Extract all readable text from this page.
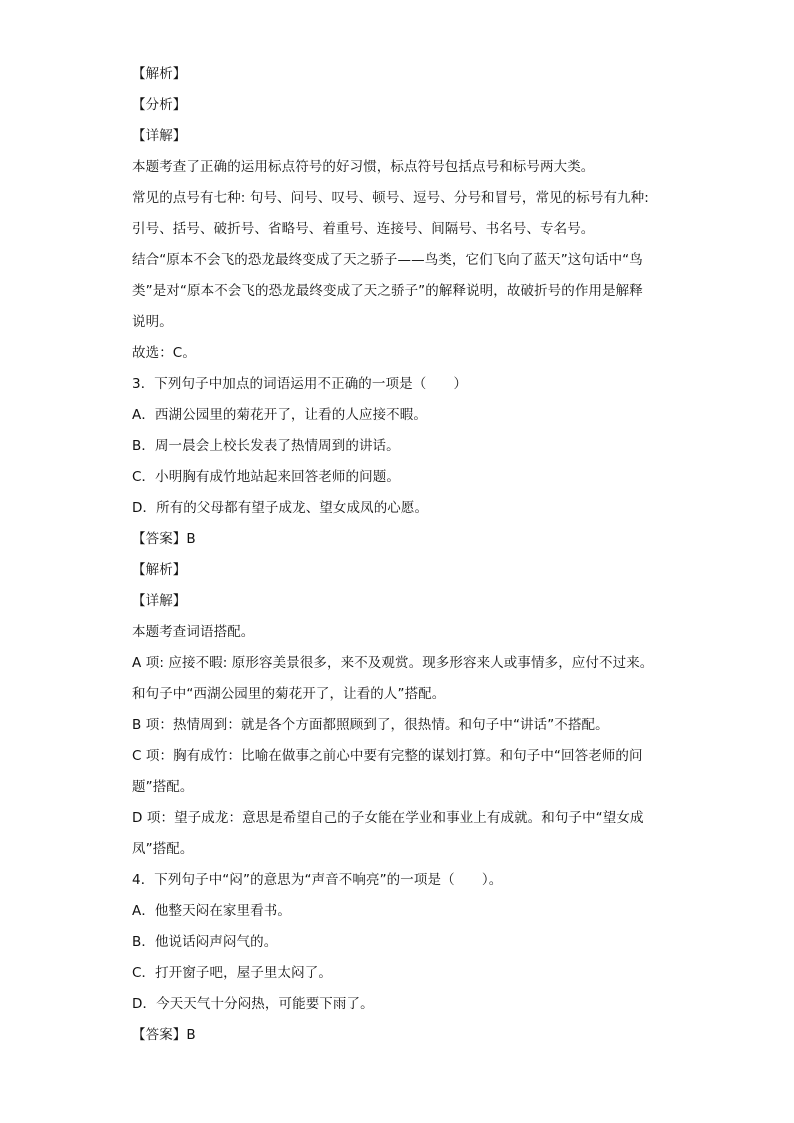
【解析】
【分析】
【详解】
本题考查了正确的运用标点符号的好习惯，标点符号包括点号和标号两大类。
常见的点号有七种: 句号、问号、叹号、顿号、逗号、分号和冒号，常见的标号有九种:
引号、括号、破折号、省略号、着重号、连接号、间隔号、书名号、专名号。
结合“原本不会飞的恐龙最终变成了天之骄子——鸟类，它们飞向了蓝天”这句话中“鸟
类”是对“原本不会飞的恐龙最终变成了天之骄子”的解释说明，故破折号的作用是解释
说明。
故选：C。
3．下列句子中加点的词语运用不正确的一项是（　　）
A．西湖公园里的菊花开了，让看的人应接不暇。
B．周一晨会上校长发表了热情周到的讲话。
C．小明胸有成竹地站起来回答老师的问题。
D．所有的父母都有望子成龙、望女成凤的心愿。
【答案】B
【解析】
【详解】
本题考查词语搭配。
A 项: 应接不暇: 原形容美景很多，来不及观赏。现多形容来人或事情多，应付不过来。
和句子中“西湖公园里的菊花开了，让看的人”搭配。
B 项：热情周到：就是各个方面都照顾到了，很热情。和句子中“讲话”不搭配。
C 项：胸有成竹：比喻在做事之前心中要有完整的谋划打算。和句子中“回答老师的问
题”搭配。
D 项：望子成龙：意思是希望自己的子女能在学业和事业上有成就。和句子中“望女成
凤”搭配。
4．下列句子中“闷”的意思为“声音不响亮”的一项是（　　）。
A．他整天闷在家里看书。
B．他说话闷声闷气的。
C．打开窗子吧，屋子里太闷了。
D．今天天气十分闷热，可能要下雨了。
【答案】B
